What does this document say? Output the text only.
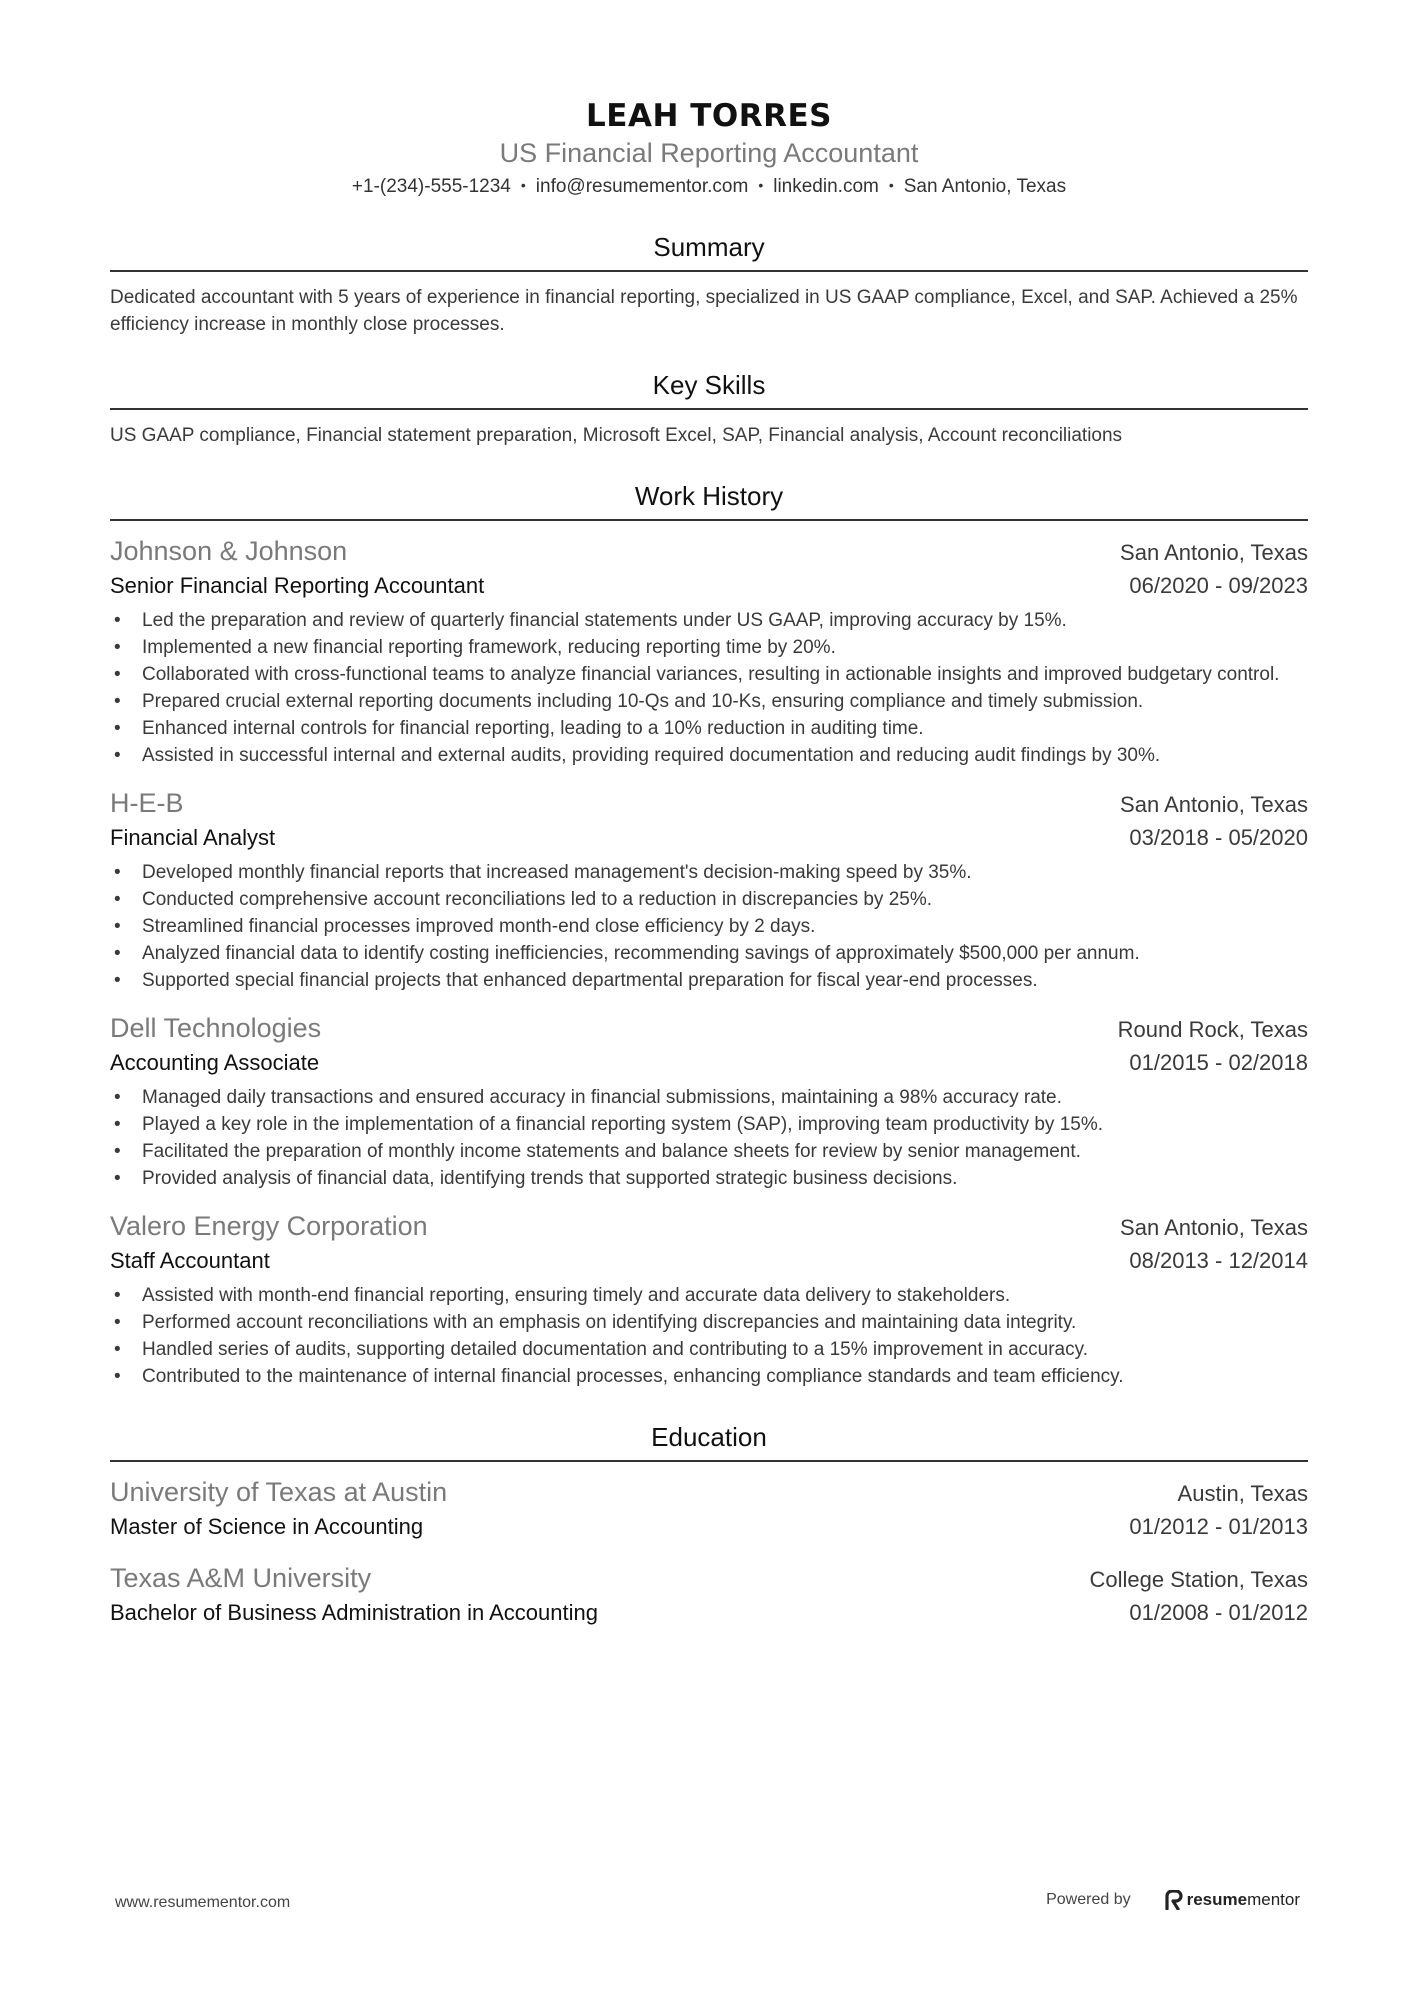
LEAH TORRES
US Financial Reporting Accountant
+1-(234)-555-1234 • info@resumementor.com • linkedin.com • San Antonio, Texas
Summary
Dedicated accountant with 5 years of experience in financial reporting, specialized in US GAAP compliance, Excel, and SAP. Achieved a 25% efficiency increase in monthly close processes.
Key Skills
US GAAP compliance, Financial statement preparation, Microsoft Excel, SAP, Financial analysis, Account reconciliations
Work History
Johnson & Johnson	San Antonio, Texas
Senior Financial Reporting Accountant	06/2020 - 09/2023
• Led the preparation and review of quarterly financial statements under US GAAP, improving accuracy by 15%.
• Implemented a new financial reporting framework, reducing reporting time by 20%.
• Collaborated with cross-functional teams to analyze financial variances, resulting in actionable insights and improved budgetary control.
• Prepared crucial external reporting documents including 10-Qs and 10-Ks, ensuring compliance and timely submission.
• Enhanced internal controls for financial reporting, leading to a 10% reduction in auditing time.
• Assisted in successful internal and external audits, providing required documentation and reducing audit findings by 30%.
H-E-B	San Antonio, Texas
Financial Analyst	03/2018 - 05/2020
• Developed monthly financial reports that increased management's decision-making speed by 35%.
• Conducted comprehensive account reconciliations led to a reduction in discrepancies by 25%.
• Streamlined financial processes improved month-end close efficiency by 2 days.
• Analyzed financial data to identify costing inefficiencies, recommending savings of approximately $500,000 per annum.
• Supported special financial projects that enhanced departmental preparation for fiscal year-end processes.
Dell Technologies	Round Rock, Texas
Accounting Associate	01/2015 - 02/2018
• Managed daily transactions and ensured accuracy in financial submissions, maintaining a 98% accuracy rate.
• Played a key role in the implementation of a financial reporting system (SAP), improving team productivity by 15%.
• Facilitated the preparation of monthly income statements and balance sheets for review by senior management.
• Provided analysis of financial data, identifying trends that supported strategic business decisions.
Valero Energy Corporation	San Antonio, Texas
Staff Accountant	08/2013 - 12/2014
• Assisted with month-end financial reporting, ensuring timely and accurate data delivery to stakeholders.
• Performed account reconciliations with an emphasis on identifying discrepancies and maintaining data integrity.
• Handled series of audits, supporting detailed documentation and contributing to a 15% improvement in accuracy.
• Contributed to the maintenance of internal financial processes, enhancing compliance standards and team efficiency.
Education
University of Texas at Austin	Austin, Texas
Master of Science in Accounting	01/2012 - 01/2013
Texas A&M University	College Station, Texas
Bachelor of Business Administration in Accounting	01/2008 - 01/2012
www.resumementor.com	Powered by	resume mentor
